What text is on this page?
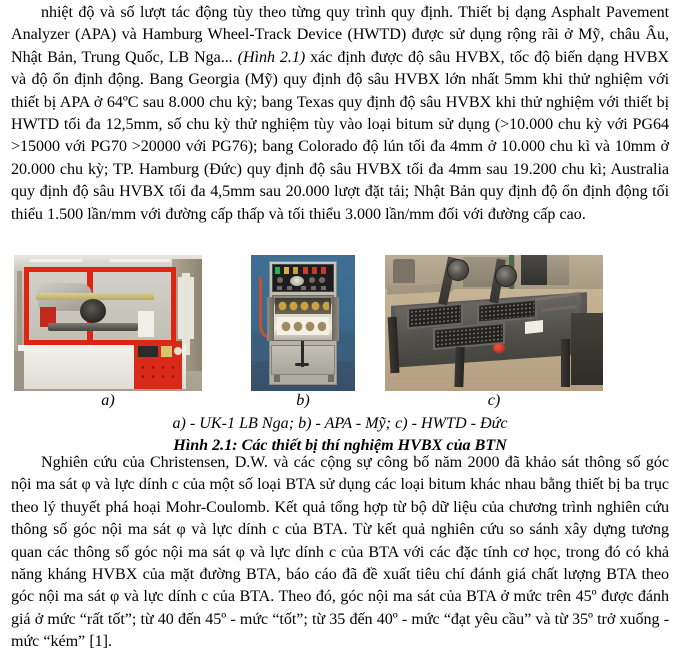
nhiệt độ và số lượt tác động tùy theo từng quy trình quy định. Thiết bị dạng Asphalt Pavement Analyzer (APA) và Hamburg Wheel-Track Device (HWTD) được sử dụng rộng rãi ở Mỹ, châu Âu, Nhật Bản, Trung Quốc, LB Nga... (Hình 2.1) xác định được độ sâu HVBX, tốc độ biến dạng HVBX và độ ổn định động. Bang Georgia (Mỹ) quy định độ sâu HVBX lớn nhất 5mm khi thử nghiệm với thiết bị APA ở 64ºC sau 8.000 chu kỳ; bang Texas quy định độ sâu HVBX khi thử nghiệm với thiết bị HWTD tối đa 12,5mm, số chu kỳ thử nghiệm tùy vào loại bitum sử dụng (>10.000 chu kỳ với PG64 >15000 với PG70 >20000 với PG76); bang Colorado độ lún tối đa 4mm ở 10.000 chu kì và 10mm ở 20.000 chu kỳ; TP. Hamburg (Đức) quy định độ sâu HVBX tối đa 4mm sau 19.200 chu kì; Australia quy định độ sâu HVBX tối đa 4,5mm sau 20.000 lượt đặt tải; Nhật Bản quy định độ ổn định động tối thiểu 1.500 lần/mm với đường cấp thấp và tối thiểu 3.000 lần/mm đối với đường cấp cao.
a)	b)	c)
a) - UK-1 LB Nga; b) - APA - Mỹ; c) - HWTD - Đức
Hình 2.1: Các thiết bị thí nghiệm HVBX của BTN
Nghiên cứu của Christensen, D.W. và các cộng sự công bố năm 2000 đã khảo sát thông số góc nội ma sát φ và lực dính c của một số loại BTA sử dụng các loại bitum khác nhau bằng thiết bị ba trục theo lý thuyết phá hoại Mohr-Coulomb. Kết quả tổng hợp từ bộ dữ liệu của chương trình nghiên cứu thông số góc nội ma sát φ và lực dính c của BTA. Từ kết quả nghiên cứu so sánh xây dựng tương quan các thông số góc nội ma sát φ và lực dính c của BTA với các đặc tính cơ học, trong đó có khả năng kháng HVBX của mặt đường BTA, báo cáo đã đề xuất tiêu chí đánh giá chất lượng BTA theo góc nội ma sát φ và lực dính c của BTA. Theo đó, góc nội ma sát của BTA ở mức trên 45º được đánh giá ở mức “rất tốt”; từ 40 đến 45º - mức “tốt”; từ 35 đến 40º - mức “đạt yêu cầu” và từ 35º trở xuống - mức “kém” [1].
